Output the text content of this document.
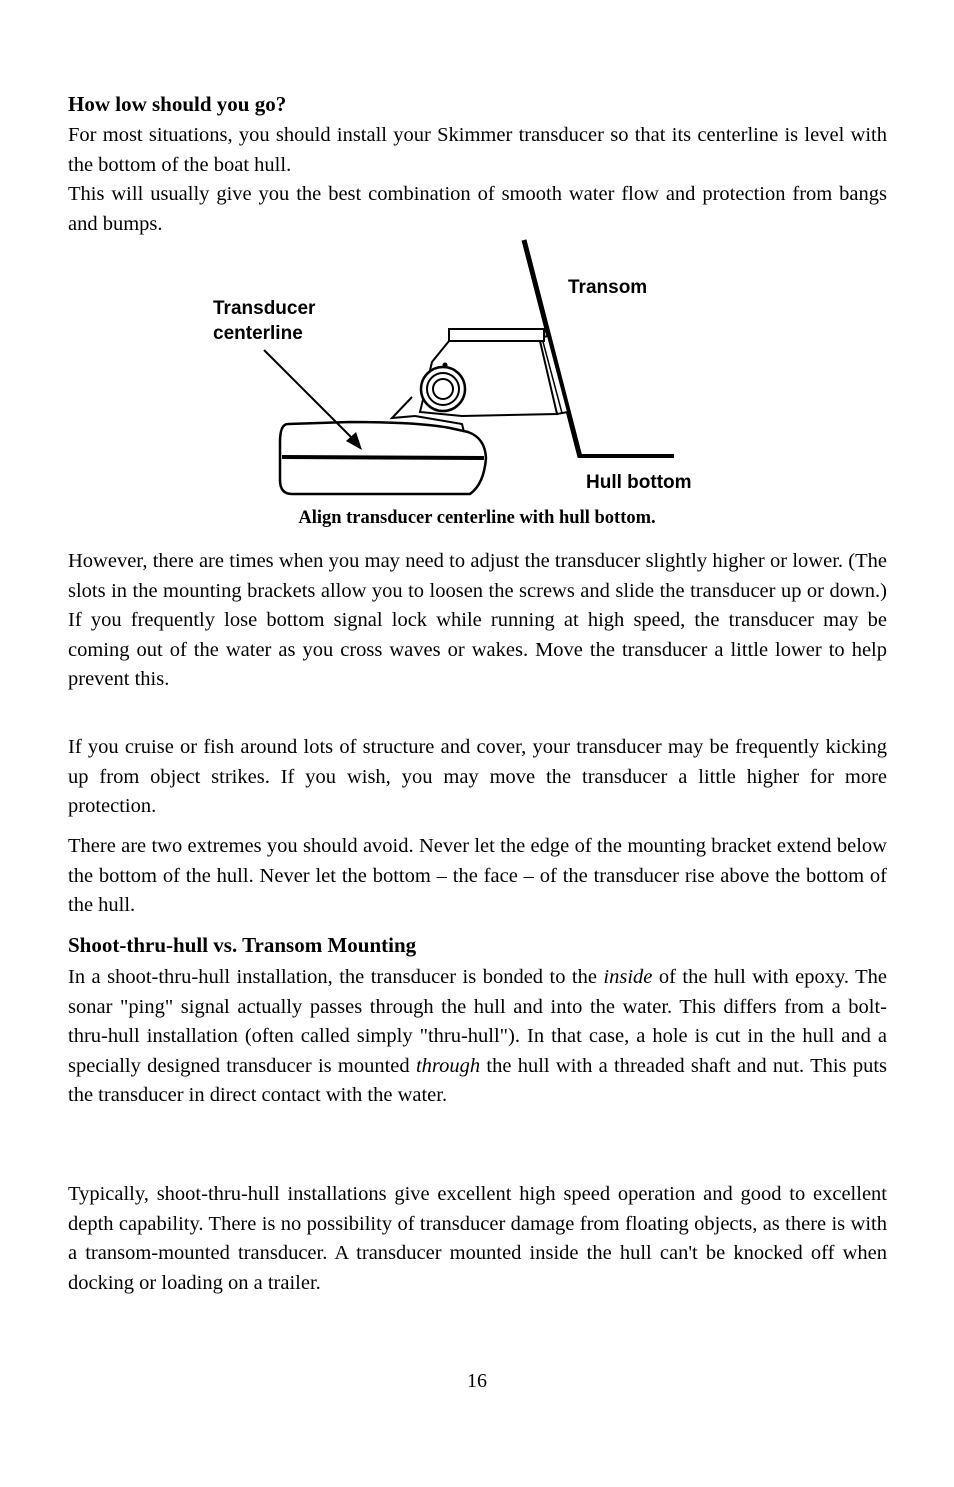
How low should you go?

For most situations, you should install your Skimmer transducer so that its centerline is level with the bottom of the boat hull.

This will usually give you the best combination of smooth water flow and protection from bangs and bumps.

Transducer
centerline
Transom
Hull bottom
Align transducer centerline with hull bottom.
However, there are times when you may need to adjust the transducer slightly higher or lower. (The slots in the mounting brackets allow you to loosen the screws and slide the transducer up or down.) If you frequently lose bottom signal lock while running at high speed, the transducer may be coming out of the water as you cross waves or wakes. Move the transducer a little lower to help prevent this.
If you cruise or fish around lots of structure and cover, your transducer may be frequently kicking up from object strikes. If you wish, you may move the transducer a little higher for more protection.
There are two extremes you should avoid. Never let the edge of the mounting bracket extend below the bottom of the hull. Never let the bottom – the face – of the transducer rise above the bottom of the hull.
Shoot-thru-hull vs. Transom Mounting
In a shoot-thru-hull installation, the transducer is bonded to the inside of the hull with epoxy. The sonar "ping" signal actually passes through the hull and into the water. This differs from a bolt-thru-hull installation (often called simply "thru-hull"). In that case, a hole is cut in the hull and a specially designed transducer is mounted through the hull with a threaded shaft and nut. This puts the transducer in direct contact with the water.
Typically, shoot-thru-hull installations give excellent high speed operation and good to excellent depth capability. There is no possibility of transducer damage from floating objects, as there is with a transom-mounted transducer. A transducer mounted inside the hull can't be knocked off when docking or loading on a trailer.
16
